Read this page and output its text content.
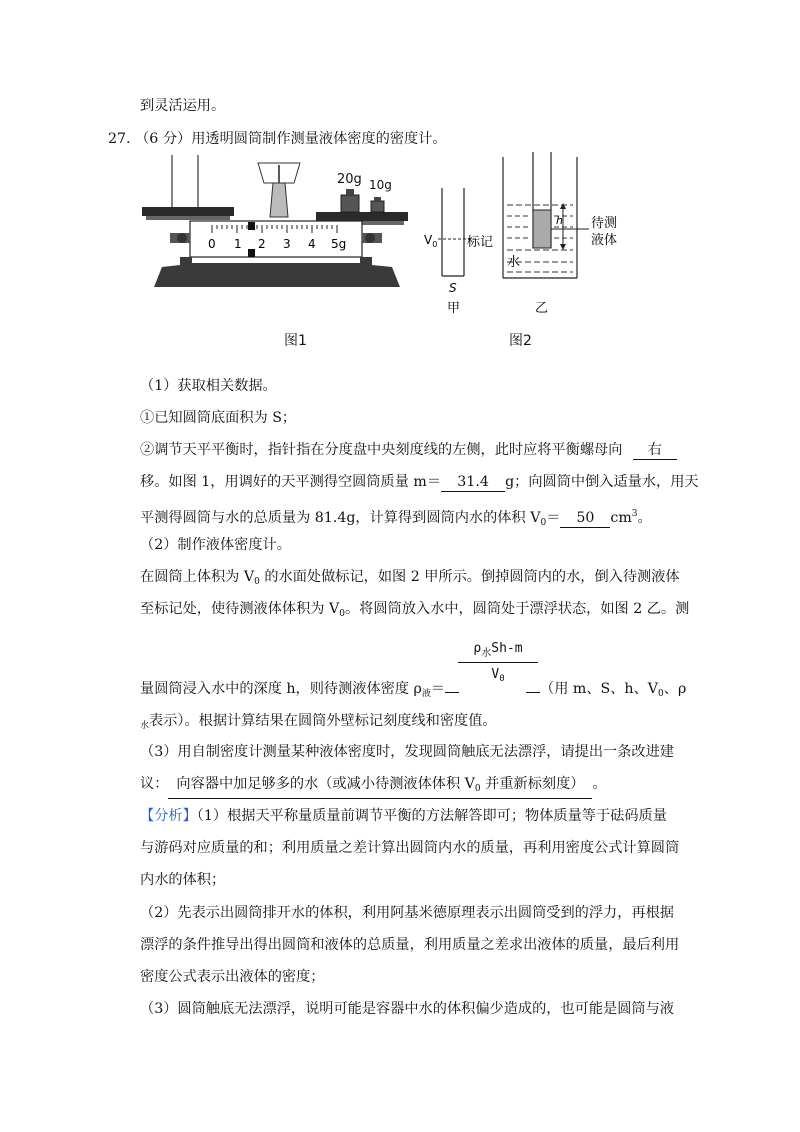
到灵活运用。
27. （6 分）用透明圆筒制作测量液体密度的密度计。
20g 10g
0 1 2 3 4 5g
图1
$V_0$ 标记
S
甲
h 待测
液体
水
乙
图2
（1）获取相关数据。
①已知圆筒底面积为 S；
②调节天平平衡时，指针指在分度盘中央刻度线的左侧，此时应将平衡螺母向 右
移。如图 1，用调好的天平测得空圆筒质量 m＝ 31.4 g；向圆筒中倒入适量水，用天
平测得圆筒与水的总质量为 81.4g，计算得到圆筒内水的体积 $V_0= 50$ $cm^3$。
（2）制作液体密度计。
在圆筒上体积为 $V_0$ 的水面处做标记，如图 2 甲所示。倒掉圆筒内的水，倒入待测液体
至标记处，使待测液体体积为 $V_0$。将圆筒放入水中，圆筒处于漂浮状态，如图 2 乙。测
$\rho_水Sh-m$
$V_0$
量圆筒浸入水中的深度 h，则待测液体密度 $\rho_液=$	（用 m、S、h、$V_0$、ρ
$_水$表示）。根据计算结果在圆筒外壁标记刻度线和密度值。
（3）用自制密度计测量某种液体密度时，发现圆筒触底无法漂浮，请提出一条改进建
议： 向容器中加足够多的水（或减小待测液体体积 $V_0$ 并重新标刻度） 。
【分析】（1）根据天平称量质量前调节平衡的方法解答即可；物体质量等于砝码质量
与游码对应质量的和；利用质量之差计算出圆筒内水的质量，再利用密度公式计算圆筒
内水的体积；
（2）先表示出圆筒排开水的体积，利用阿基米德原理表示出圆筒受到的浮力，再根据
漂浮的条件推导出得出圆筒和液体的总质量，利用质量之差求出液体的质量，最后利用
密度公式表示出液体的密度；
（3）圆筒触底无法漂浮，说明可能是容器中水的体积偏少造成的，也可能是圆筒与液
